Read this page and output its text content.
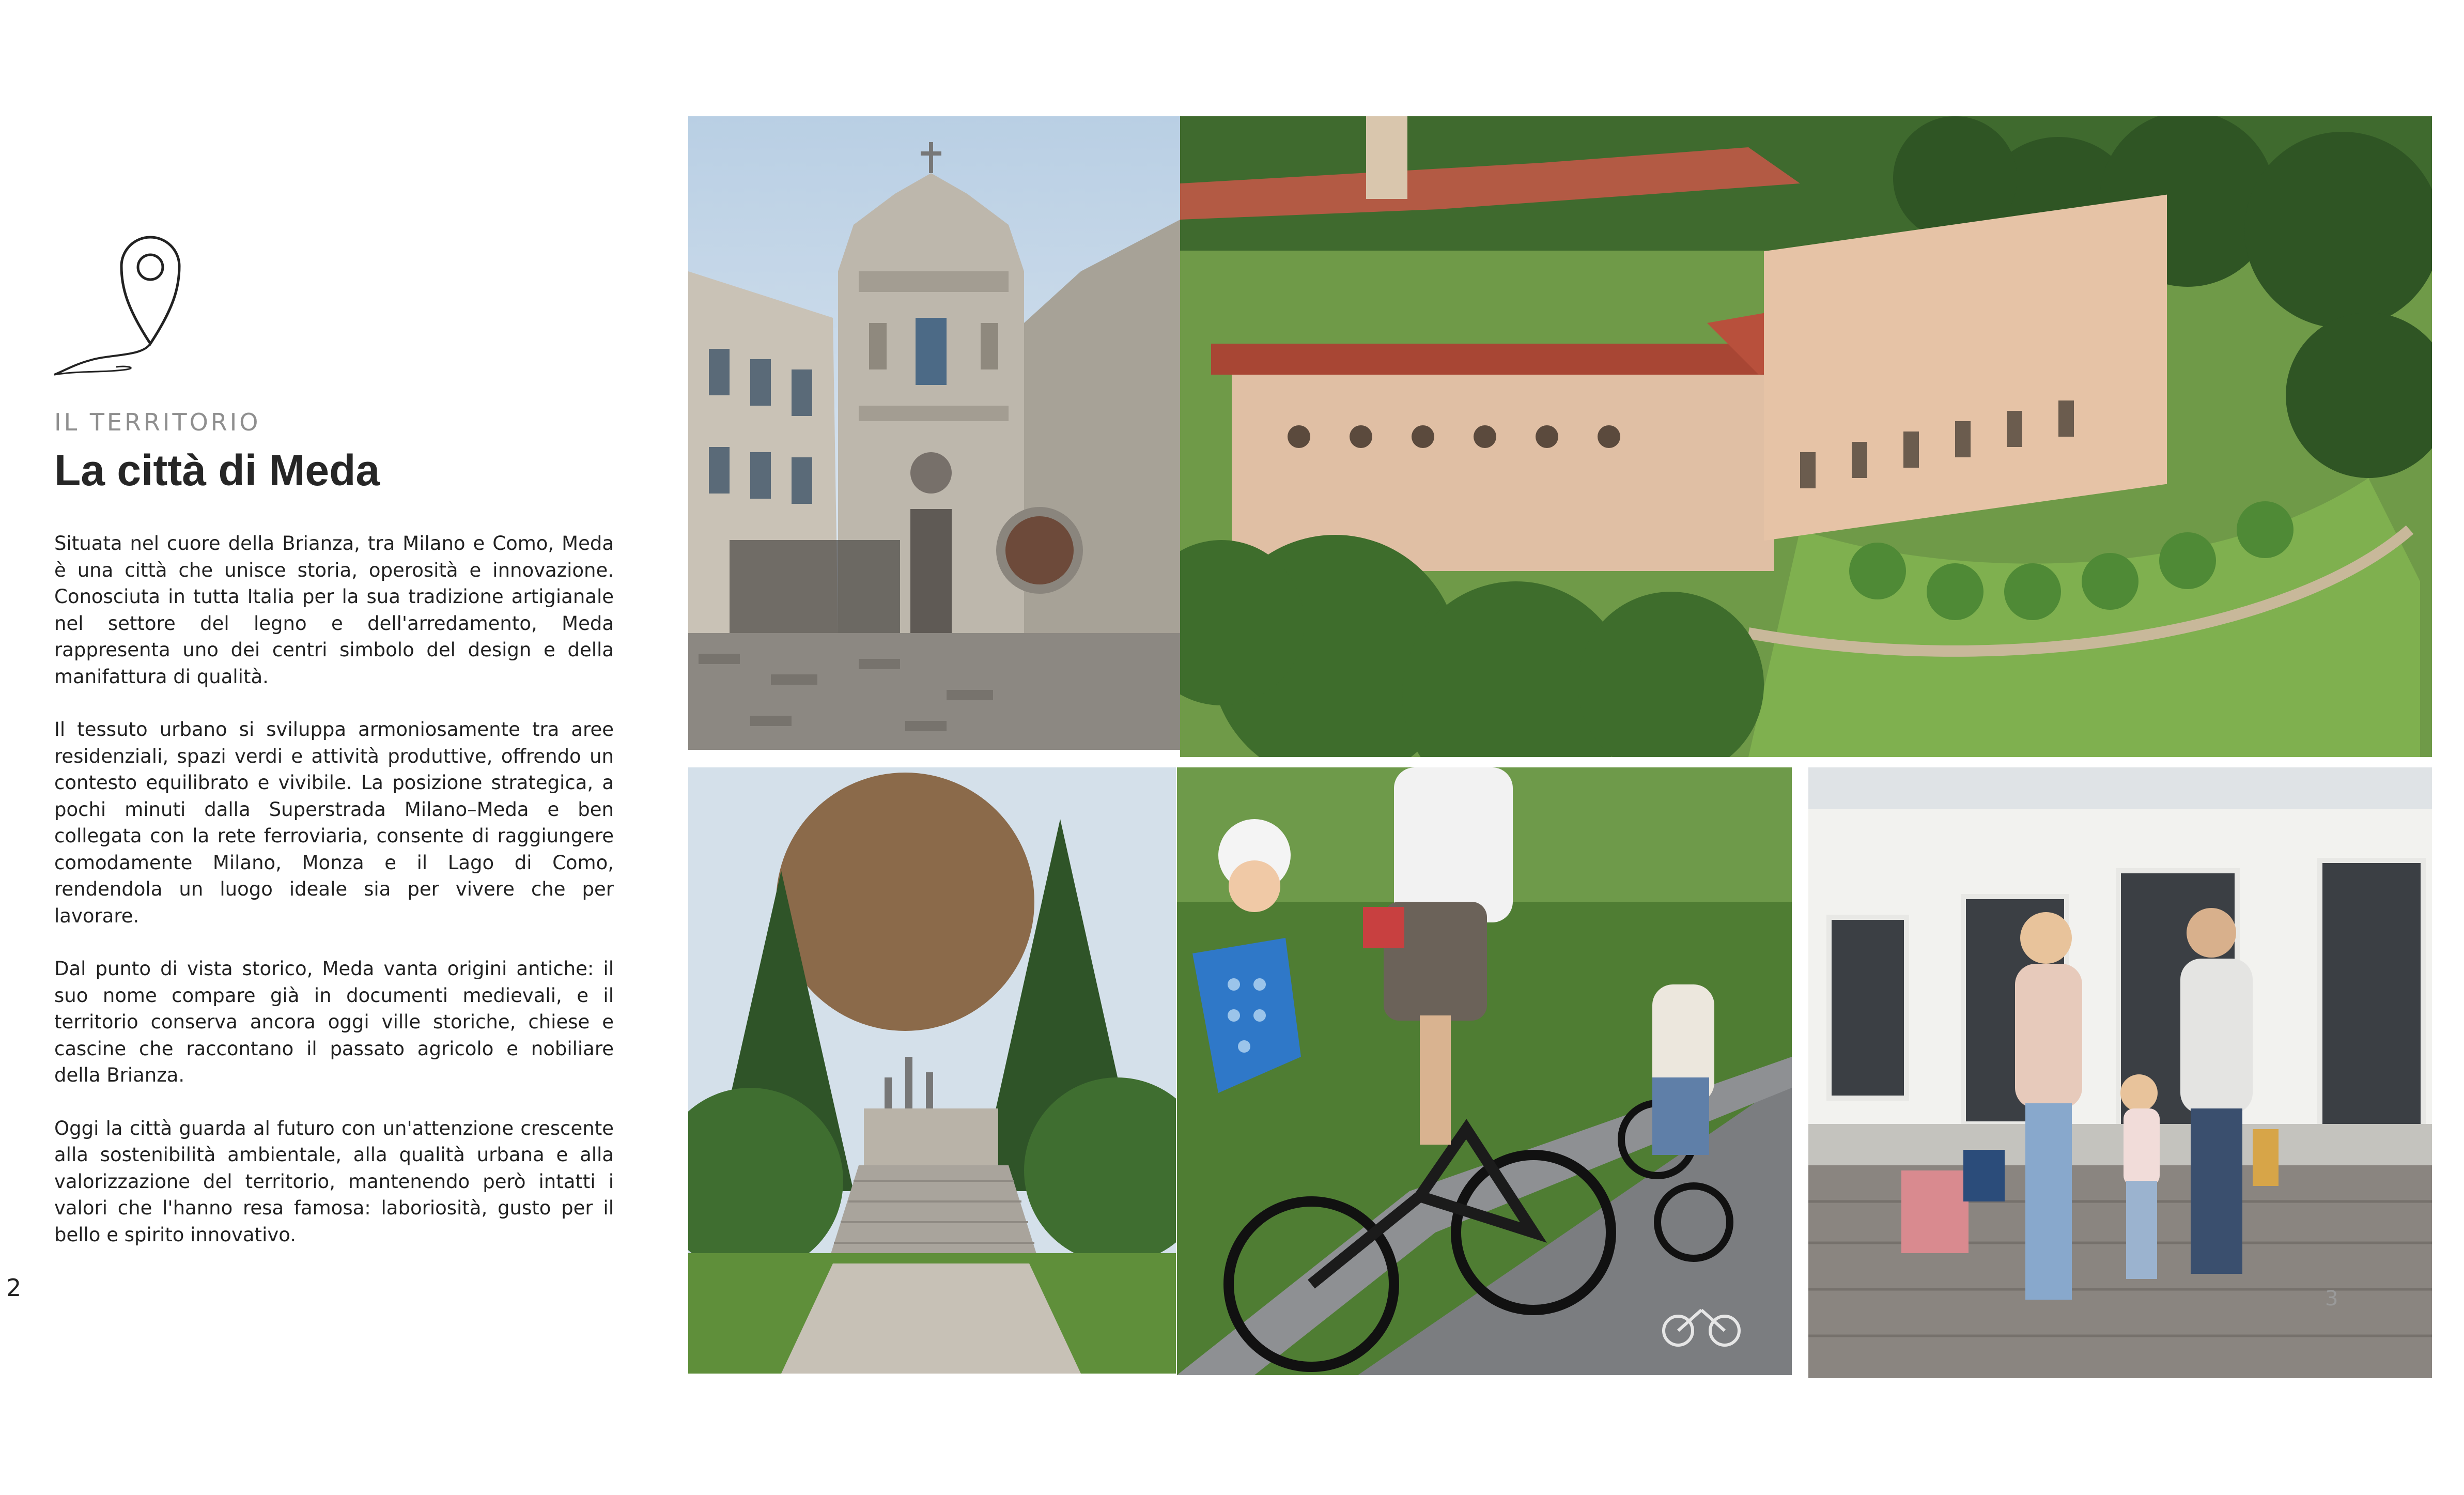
IL TERRITORIO
La città di Meda

Situata nel cuore della Brianza, tra Milano e Como, Meda è una città che unisce storia, operosità e innovazione. Conosciuta in tutta Italia per la sua tradizione artigianale nel settore del legno e dell'arredamento, Meda rappresenta uno dei centri simbolo del design e della manifattura di qualità.

Il tessuto urbano si sviluppa armoniosamente tra aree residenziali, spazi verdi e attività produttive, offrendo un contesto equilibrato e vivibile. La posizione strategica, a pochi minuti dalla Superstrada Milano–Meda e ben collegata con la rete ferroviaria, consente di raggiungere comodamente Milano, Monza e il Lago di Como, rendendola un luogo ideale sia per vivere che per lavorare.

Dal punto di vista storico, Meda vanta origini antiche: il suo nome compare già in documenti medievali, e il territorio conserva ancora oggi ville storiche, chiese e cascine che raccontano il passato agricolo e nobiliare della Brianza.

Oggi la città guarda al futuro con un'attenzione crescente alla sostenibilità ambientale, alla qualità urbana e alla valorizzazione del territorio, mantenendo però intatti i valori che l'hanno resa famosa: laboriosità, gusto per il bello e spirito innovativo.

2	3
